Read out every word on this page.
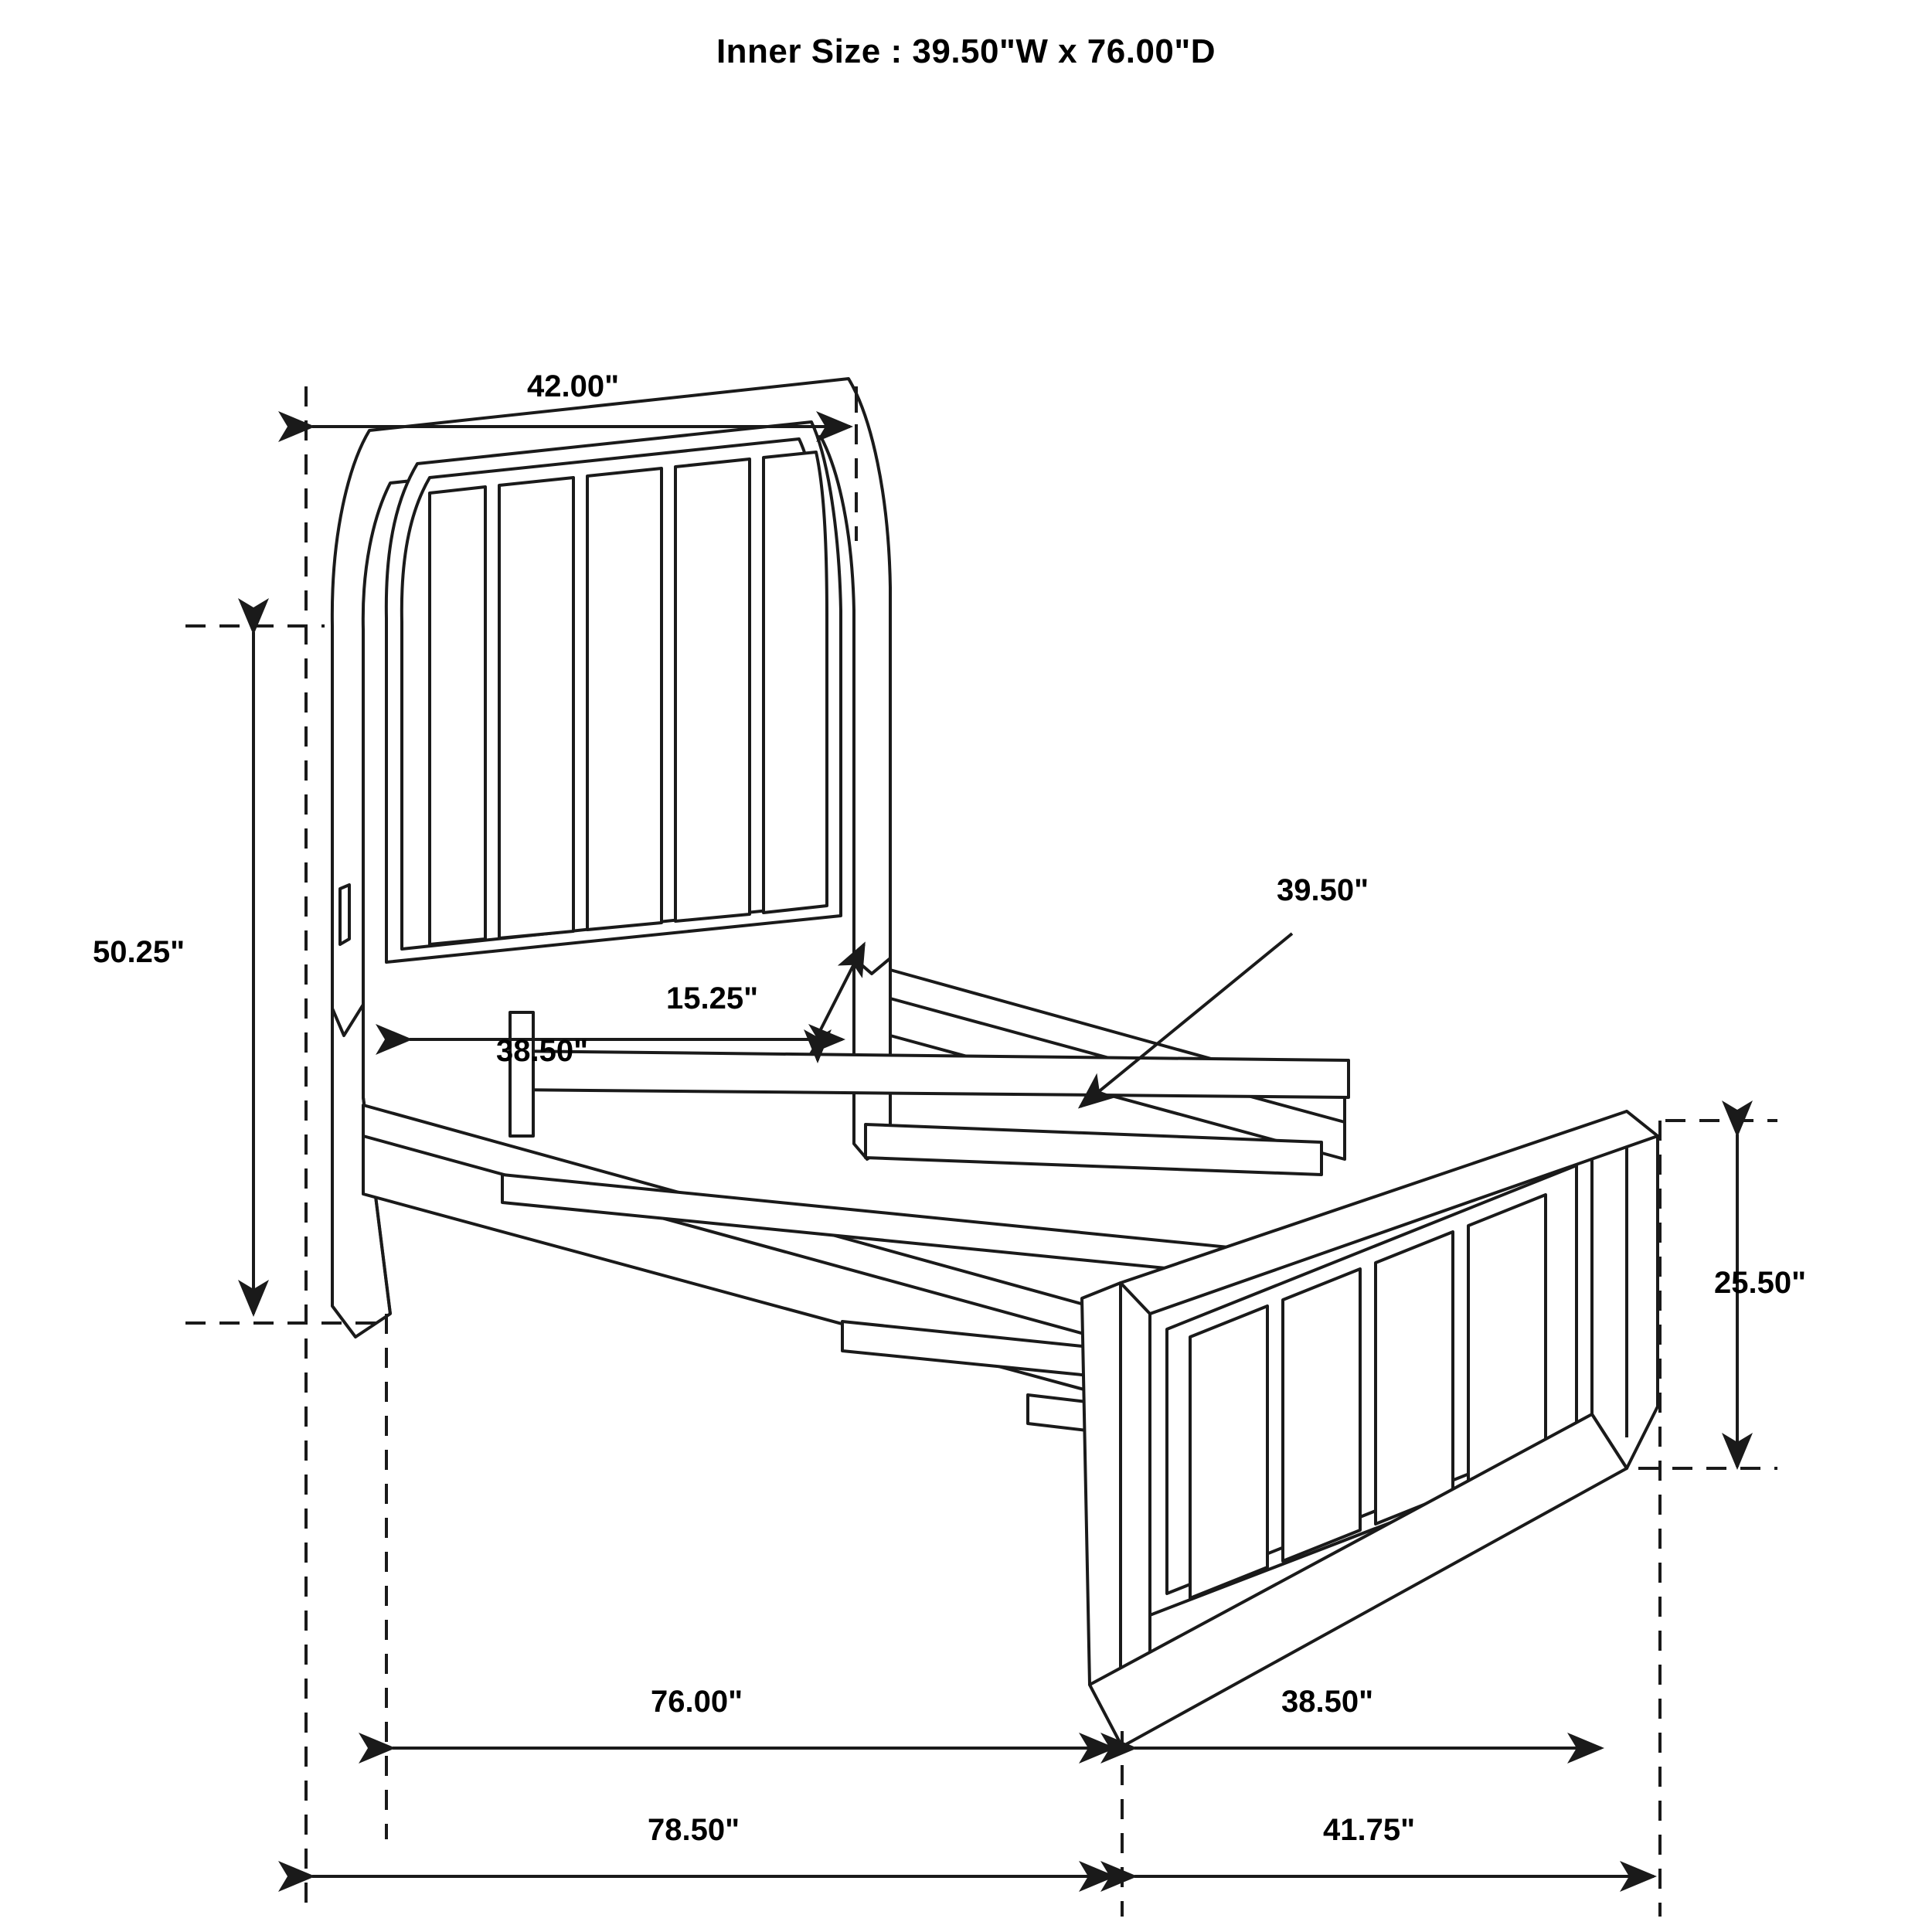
Inner Size : 39.50"W x 76.00"D
42.00"
50.25"
39.50"
15.25"
38.50"
25.50"
76.00"	38.50"
78.50"	41.75"
